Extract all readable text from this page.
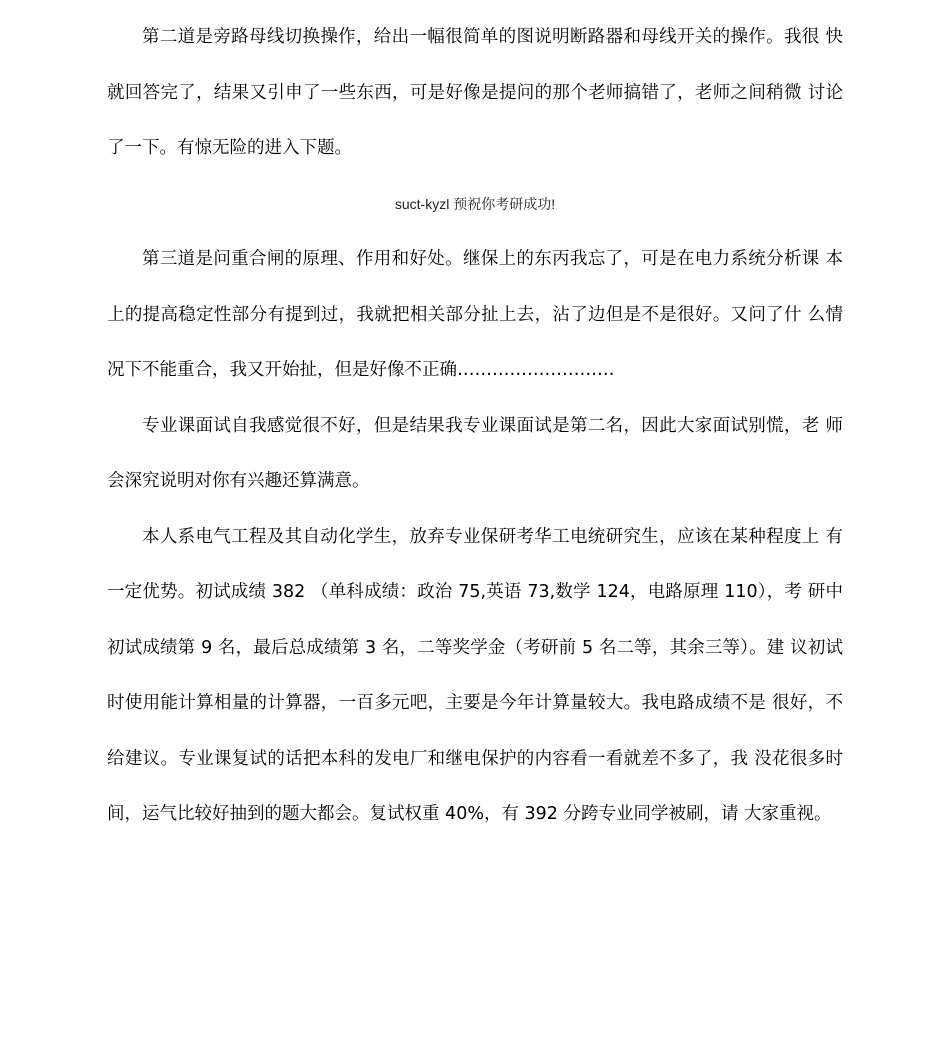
第二道是旁路母线切换操作，给出一幅很简单的图说明断路器和母线开关的操作。我很 快就回答完了，结果又引申了一些东西，可是好像是提问的那个老师搞错了，老师之间稍微 讨论了一下。有惊无险的进入下题。

suct-kyzl 预祝你考研成功!

第三道是问重合闸的原理、作用和好处。继保上的东丙我忘了，可是在电力系统分析课 本上的提高稳定性部分有提到过，我就把相关部分扯上去，沾了边但是不是很好。又问了什 么情况下不能重合，我又开始扯，但是好像不正确………………………

专业课面试自我感觉很不好，但是结果我专业课面试是第二名，因此大家面试别慌，老 师会深究说明对你有兴趣还算满意。

本人系电气工程及其自动化学生，放弃专业保研考华工电统研究生，应该在某种程度上 有一定优势。初试成绩 382 （单科成绩：政治 75,英语 73,数学 124，电路原理 110），考 研中初试成绩第 9 名，最后总成绩第 3 名，二等奖学金（考研前 5 名二等，其余三等）。建 议初试时使用能计算相量的计算器，一百多元吧，主要是今年计算量较大。我电路成绩不是 很好，不给建议。专业课复试的话把本科的发电厂和继电保护的内容看一看就差不多了，我 没花很多时间，运气比较好抽到的题大都会。复试权重 40%，有 392 分跨专业同学被刷，请 大家重视。
